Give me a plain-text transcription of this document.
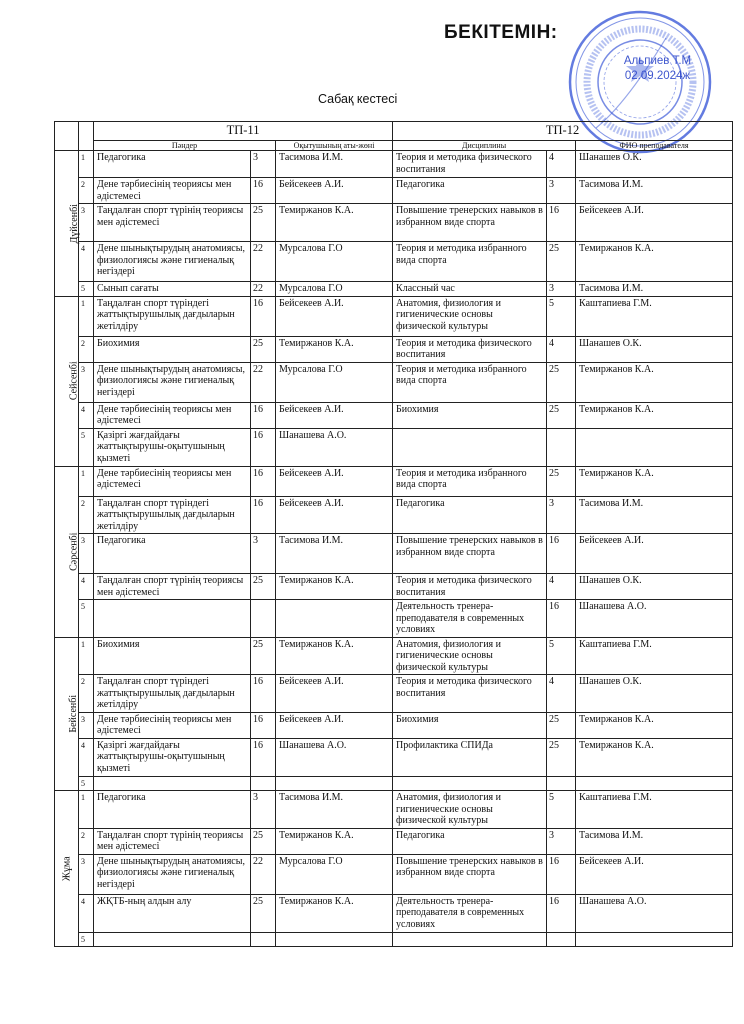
БЕКІТЕМІН:
Альпиев Т.М
02.09.2024ж
Сабақ кестесі
		ТП-11			ТП-12		
		Пәндер		Оқытушының аты-жөні	Дисциплины		ФИО преподавателя
Дүйсенбі	1	Педагогика	3	Тасимова И.М.	Теория и методика физического воспитания	4	Шанашев О.К.
	2	Дене тәрбиесінің теориясы мен әдістемесі	16	Бейсекеев А.И.	Педагогика	3	Тасимова И.М.
	3	Таңдалған спорт түрінің теориясы мен әдістемесі	25	Темиржанов К.А.	Повышение тренерских навыков в избранном виде спорта	16	Бейсекеев А.И.
	4	Дене шынықтырудың анатомиясы, физиологиясы және гигиеналық негіздері	22	Мурсалова Г.О	Теория и методика избранного вида спорта	25	Темиржанов К.А.
	5	Сынып сағаты	22	Мурсалова Г.О	Классный час	3	Тасимова И.М.
Сейсенбі	1	Таңдалған спорт түріндегі жаттықтырушылық дағдыларын жетілдіру	16	Бейсекеев А.И.	Анатомия, физиология и гигиенические основы физической культуры	5	Каштапиева Г.М.
	2	Биохимия	25	Темиржанов К.А.	Теория и методика физического воспитания	4	Шанашев О.К.
	3	Дене шынықтырудың анатомиясы, физиологиясы және гигиеналық негіздері	22	Мурсалова Г.О	Теория и методика избранного вида спорта	25	Темиржанов К.А.
	4	Дене тәрбиесінің теориясы мен әдістемесі	16	Бейсекеев А.И.	Биохимия	25	Темиржанов К.А.
	5	Қазіргі жағдайдағы жаттықтырушы-оқытушының қызметі	16	Шанашева А.О.			
Сәрсенбі	1	Дене тәрбиесінің теориясы мен әдістемесі	16	Бейсекеев А.И.	Теория и методика избранного вида спорта	25	Темиржанов К.А.
	2	Таңдалған спорт түріндегі жаттықтырушылық дағдыларын жетілдіру	16	Бейсекеев А.И.	Педагогика	3	Тасимова И.М.
	3	Педагогика	3	Тасимова И.М.	Повышение тренерских навыков в избранном виде спорта	16	Бейсекеев А.И.
	4	Таңдалған спорт түрінің теориясы мен әдістемесі	25	Темиржанов К.А.	Теория и методика физического воспитания	4	Шанашев О.К.
	5				Деятельность тренера-преподавателя в современных условиях	16	Шанашева А.О.
Бейсенбі	1	Биохимия	25	Темиржанов К.А.	Анатомия, физиология и гигиенические основы физической культуры	5	Каштапиева Г.М.
	2	Таңдалған спорт түріндегі жаттықтырушылық дағдыларын жетілдіру	16	Бейсекеев А.И.	Теория и методика физического воспитания	4	Шанашев О.К.
	3	Дене тәрбиесінің теориясы мен әдістемесі	16	Бейсекеев А.И.	Биохимия	25	Темиржанов К.А.
	4	Қазіргі жағдайдағы жаттықтырушы-оқытушының қызметі	16	Шанашева А.О.	Профилактика СПИДа	25	Темиржанов К.А.
	5						
Жұма	1	Педагогика	3	Тасимова И.М.	Анатомия, физиология и гигиенические основы физической культуры	5	Каштапиева Г.М.
	2	Таңдалған спорт түрінің теориясы мен әдістемесі	25	Темиржанов К.А.	Педагогика	3	Тасимова И.М.
	3	Дене шынықтырудың анатомиясы, физиологиясы және гигиеналық негіздері	22	Мурсалова Г.О	Повышение тренерских навыков в избранном виде спорта	16	Бейсекеев А.И.
	4	ЖҚТБ-ның алдын алу	25	Темиржанов К.А.	Деятельность тренера-преподавателя в современных условиях	16	Шанашева А.О.
	5						
